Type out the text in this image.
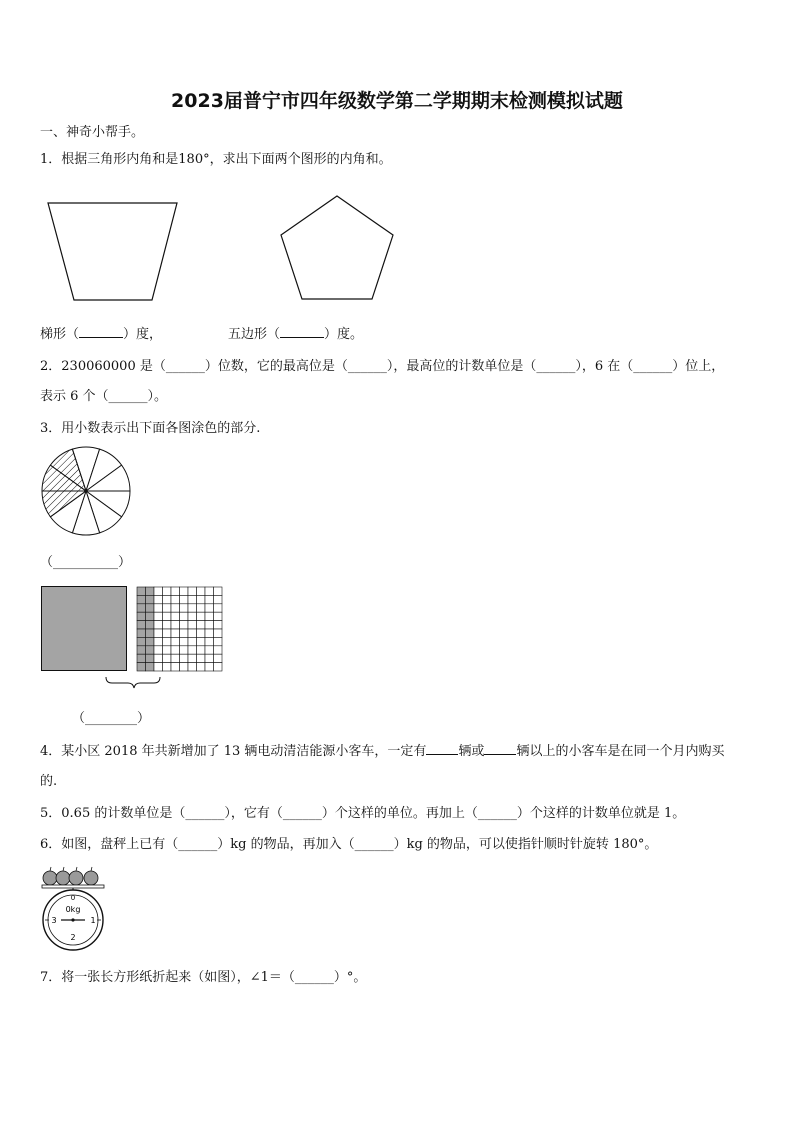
2023届普宁市四年级数学第二学期期末检测模拟试题
一、神奇小帮手。
1．根据三角形内角和是180°，求出下面两个图形的内角和。
梯形（	）度，	五边形（	）度。
2．230060000 是（______）位数，它的最高位是（______），最高位的计数单位是（______），6 在（______）位上，
表示 6 个（______）。
3．用小数表示出下面各图涂色的部分.
（__________）
（________）
4．某小区 2018 年共新增加了 13 辆电动清洁能源小客车，一定有 辆或 辆以上的小客车是在同一个月内购买
的.
5．0.65 的计数单位是（______），它有（______）个这样的单位。再加上（______）个这样的计数单位就是 1。
6．如图，盘秤上已有（______）kg 的物品，再加入（______）kg 的物品，可以使指针顺时针旋转 180°。
0
0kg
3	1
2
7．将一张长方形纸折起来（如图），∠1＝（______）°。
